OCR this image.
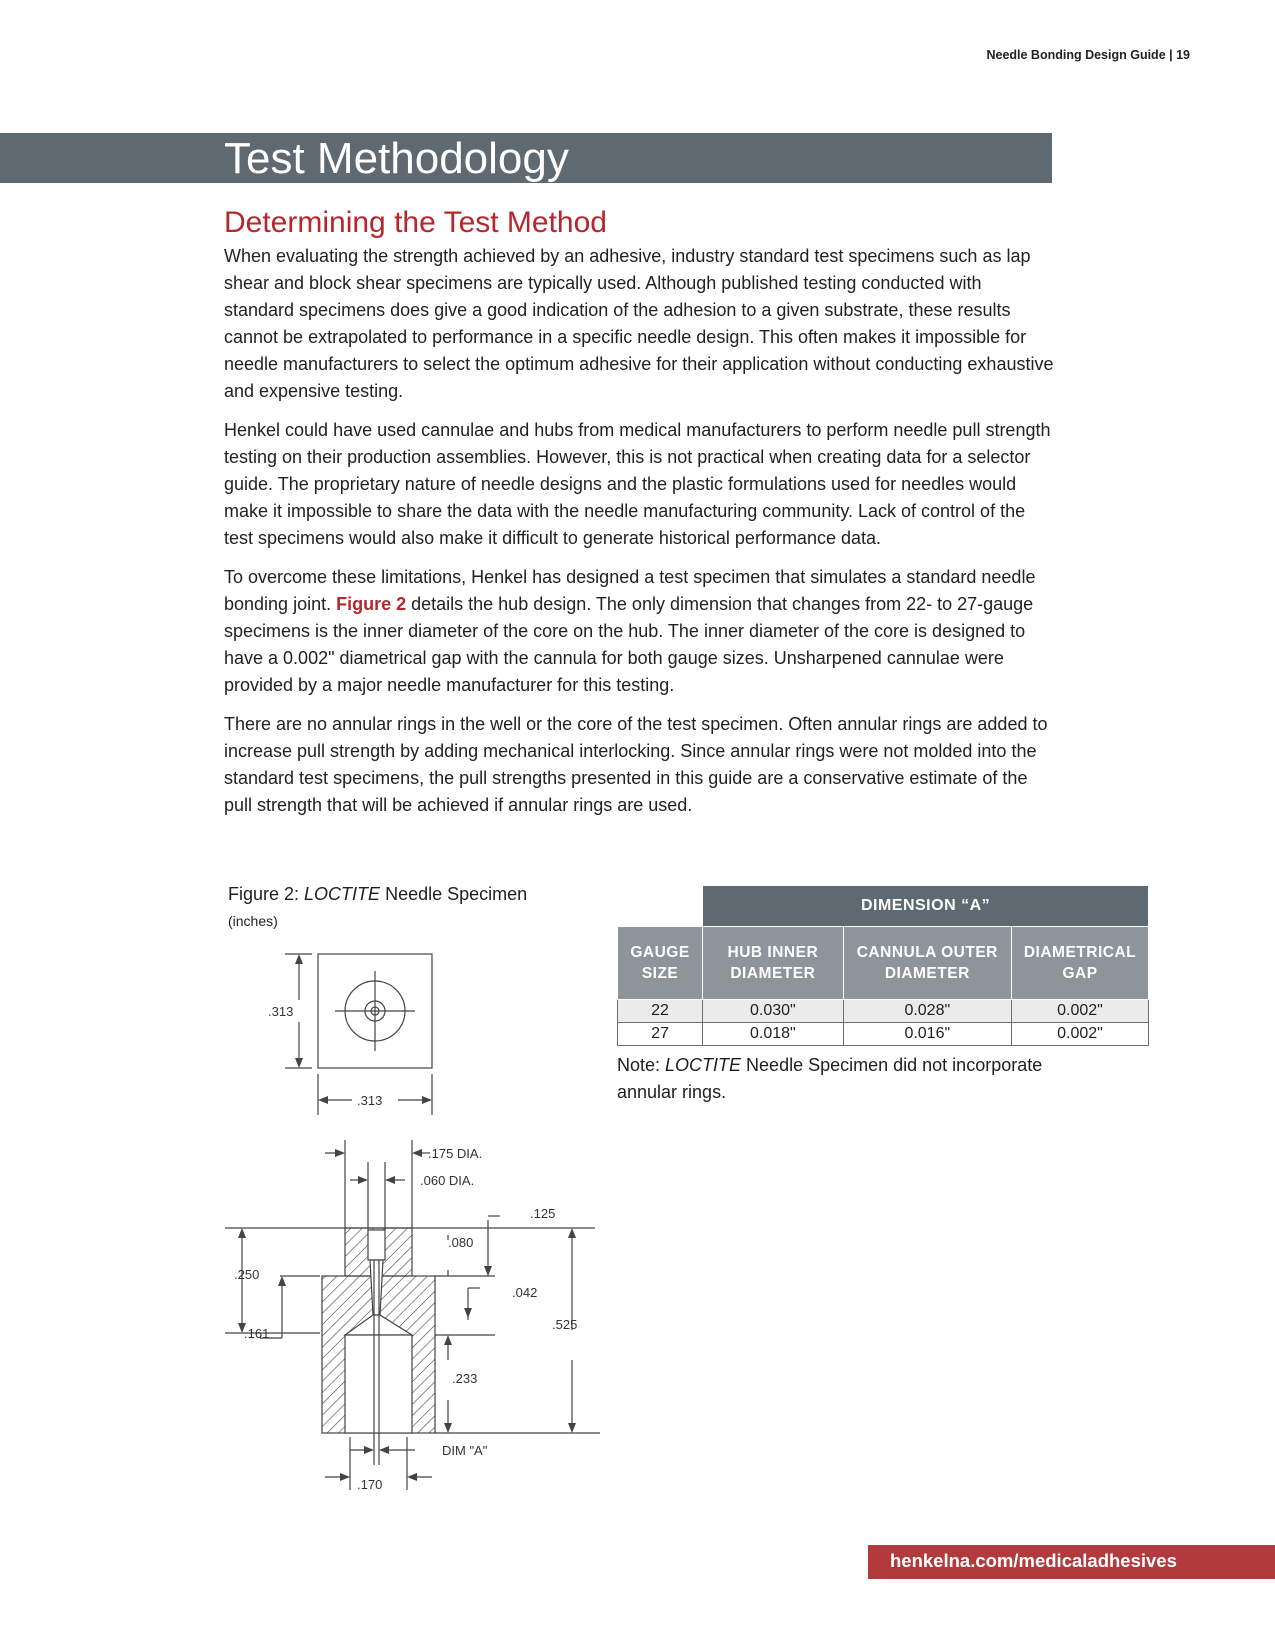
Needle Bonding Design Guide | 19
Test Methodology
Determining the Test Method

When evaluating the strength achieved by an adhesive, industry standard test specimens such as lap shear and block shear specimens are typically used. Although published testing conducted with standard specimens does give a good indication of the adhesion to a given substrate, these results cannot be extrapolated to performance in a specific needle design. This often makes it impossible for needle manufacturers to select the optimum adhesive for their application without conducting exhaustive and expensive testing.

Henkel could have used cannulae and hubs from medical manufacturers to perform needle pull strength testing on their production assemblies. However, this is not practical when creating data for a selector guide. The proprietary nature of needle designs and the plastic formulations used for needles would make it impossible to share the data with the needle manufacturing community. Lack of control of the test specimens would also make it difficult to generate historical performance data.

To overcome these limitations, Henkel has designed a test specimen that simulates a standard needle bonding joint. Figure 2 details the hub design. The only dimension that changes from 22- to 27-gauge specimens is the inner diameter of the core on the hub. The inner diameter of the core is designed to have a 0.002" diametrical gap with the cannula for both gauge sizes. Unsharpened cannulae were provided by a major needle manufacturer for this testing.

There are no annular rings in the well or the core of the test specimen. Often annular rings are added to increase pull strength by adding mechanical interlocking. Since annular rings were not molded into the standard test specimens, the pull strengths presented in this guide are a conservative estimate of the pull strength that will be achieved if annular rings are used.

Figure 2: LOCTITE Needle Specimen
(inches)
.313
.313
.175 DIA.
.060 DIA.
.125
.080
.250
.042
.525
.161
.233
DIM "A"
.170
	DIMENSION “A”		
GAUGE SIZE	HUB INNER DIAMETER	CANNULA OUTER DIAMETER	DIAMETRICAL GAP
22	0.030"	0.028"	0.002"
27	0.018"	0.016"	0.002"
Note: LOCTITE Needle Specimen did not incorporate annular rings.
henkelna.com/medicaladhesives
